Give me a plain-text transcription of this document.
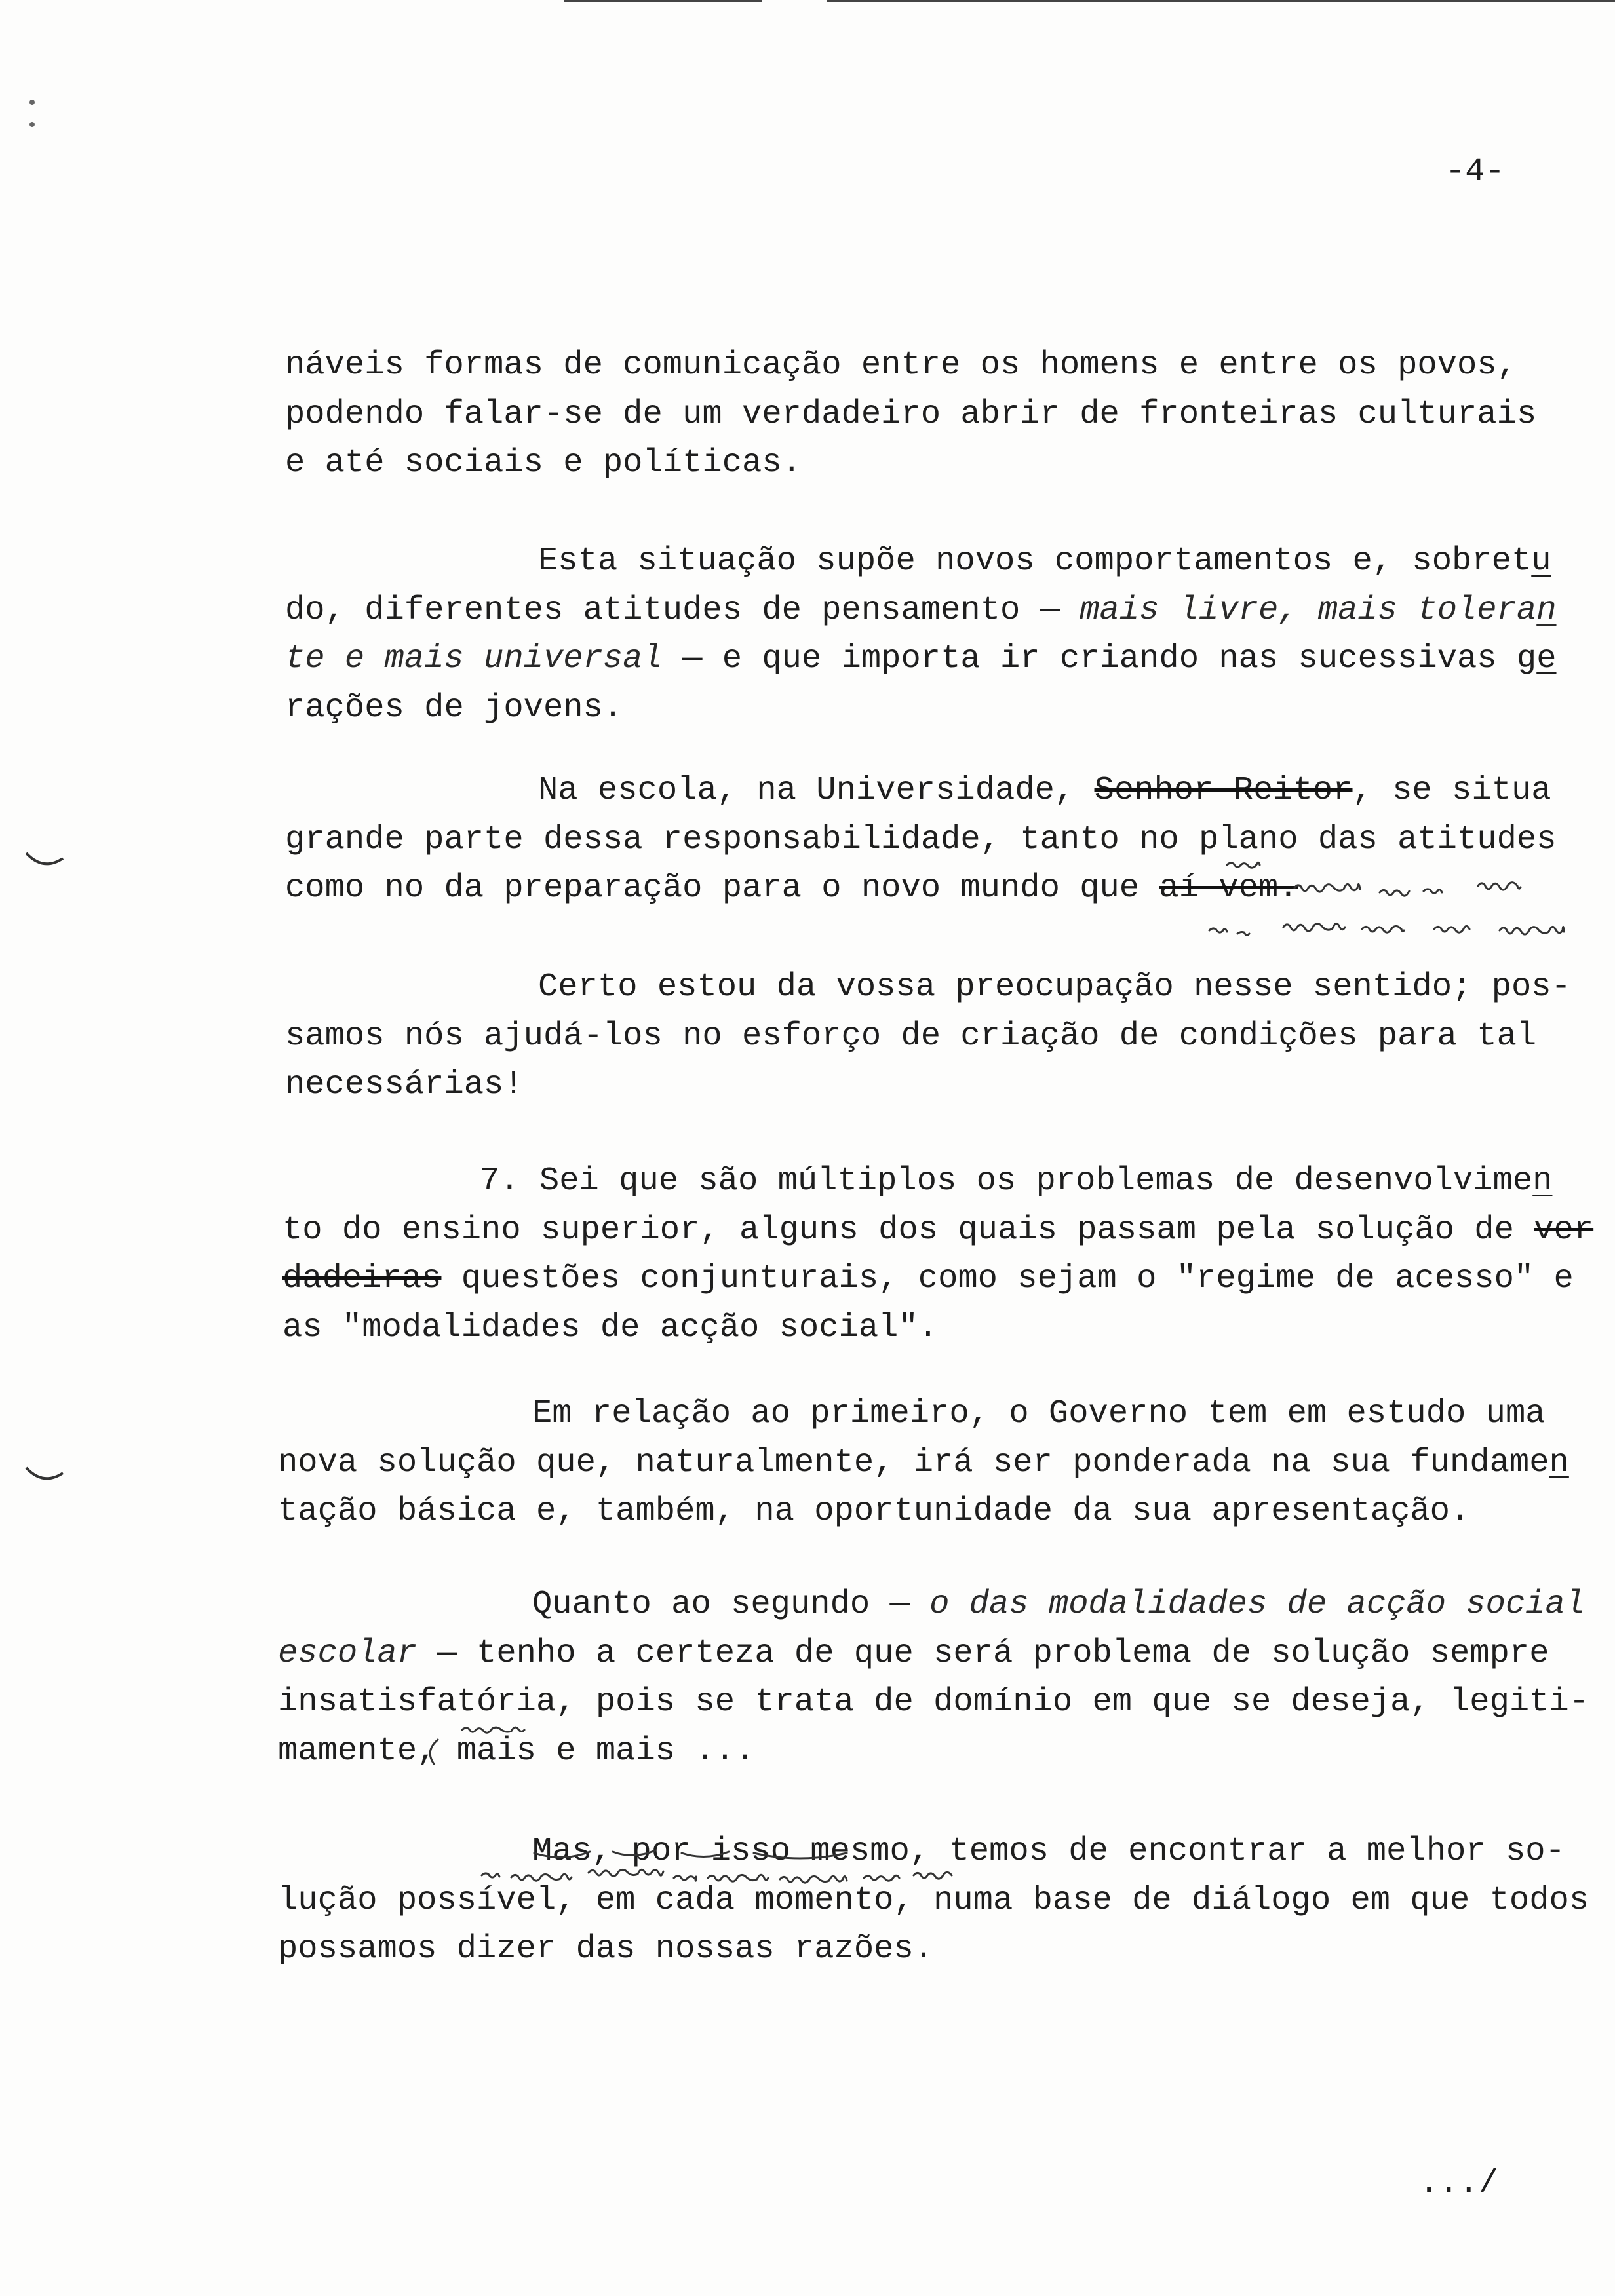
-4-
náveis formas de comunicação entre os homens e entre os povos,
podendo falar-se de um verdadeiro abrir de fronteiras culturais
e até sociais e políticas.
Esta situação supõe novos comportamentos e, sobretu
do, diferentes atitudes de pensamento — mais livre, mais toleran
te e mais universal — e que importa ir criando nas sucessivas ge
rações de jovens.
Na escola, na Universidade, Senhor Reitor, se situa
grande parte dessa responsabilidade, tanto no plano das atitudes
como no da preparação para o novo mundo que aí vem.
Certo estou da vossa preocupação nesse sentido; pos-
samos nós ajudá-los no esforço de criação de condições para tal
necessárias!
7. Sei que são múltiplos os problemas de desenvolvimen
to do ensino superior, alguns dos quais passam pela solução de ver
dadeiras questões conjunturais, como sejam o "regime de acesso" e
as "modalidades de acção social".
Em relação ao primeiro, o Governo tem em estudo uma
nova solução que, naturalmente, irá ser ponderada na sua fundamen
tação básica e, também, na oportunidade da sua apresentação.
Quanto ao segundo — o das modalidades de acção social
escolar — tenho a certeza de que será problema de solução sempre
insatisfatória, pois se trata de domínio em que se deseja, legiti-
mamente, mais e mais ...
Mas, por isso mesmo, temos de encontrar a melhor so-
lução possível, em cada momento, numa base de diálogo em que todos
possamos dizer das nossas razões.
.../
